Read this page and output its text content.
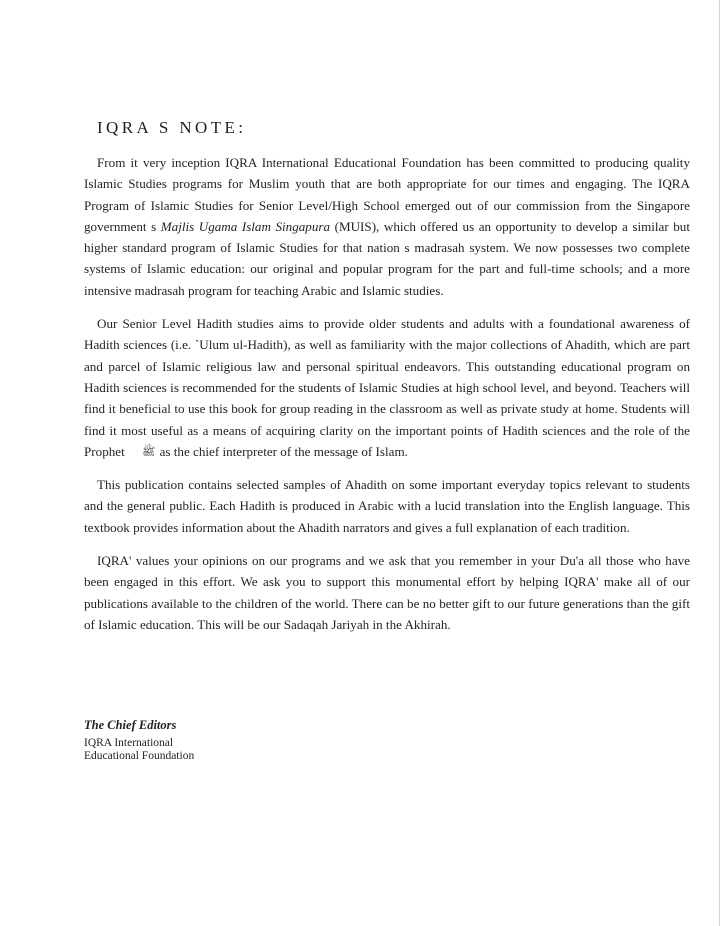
IQRA S NOTE:

From it very inception IQRA International Educational Foundation has been committed to producing quality Islamic Studies programs for Muslim youth that are both appropriate for our times and engaging. The IQRA Program of Islamic Studies for Senior Level/High School emerged out of our commission from the Singapore government s Majlis Ugama Islam Singapura (MUIS), which offered us an opportunity to develop a similar but higher standard program of Islamic Studies for that nation s madrasah system. We now possesses two complete systems of Islamic education: our original and popular program for the part and full-time schools; and a more intensive madrasah program for teaching Arabic and Islamic studies.

Our Senior Level Hadith studies aims to provide older students and adults with a foundational awareness of Hadith sciences (i.e. `Ulum ul-Hadith), as well as familiarity with the major collections of Ahadith, which are part and parcel of Islamic religious law and personal spiritual endeavors. This outstanding educational program on Hadith sciences is recommended for the students of Islamic Studies at high school level, and beyond. Teachers will find it beneficial to use this book for group reading in the classroom as well as private study at home. Students will find it most useful as a means of acquiring clarity on the important points of Hadith sciences and the role of the Prophet ﷺ as the chief interpreter of the message of Islam.

This publication contains selected samples of Ahadith on some important everyday topics relevant to students and the general public. Each Hadith is produced in Arabic with a lucid translation into the English language. This textbook provides information about the Ahadith narrators and gives a full explanation of each tradition.

IQRA' values your opinions on our programs and we ask that you remember in your Du'a all those who have been engaged in this effort. We ask you to support this monumental effort by helping IQRA' make all of our publications available to the children of the world. There can be no better gift to our future generations than the gift of Islamic education. This will be our Sadaqah Jariyah in the Akhirah.

The Chief Editors
IQRA International
Educational Foundation
